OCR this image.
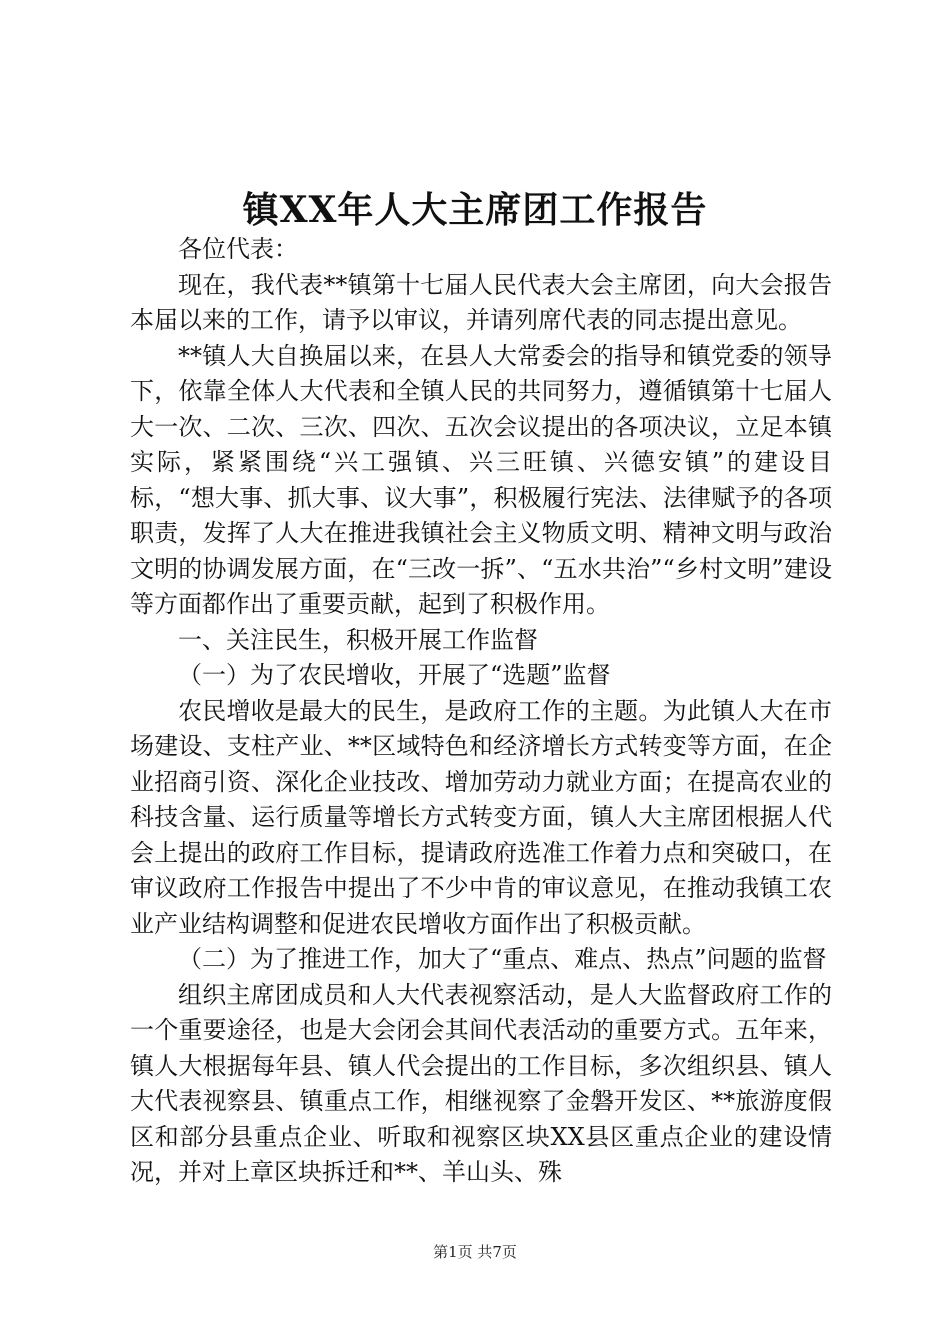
镇XX年人大主席团工作报告

各位代表：

现在，我代表**镇第十七届人民代表大会主席团，向大会报告本届以来的工作，请予以审议，并请列席代表的同志提出意见。

**镇人大自换届以来，在县人大常委会的指导和镇党委的领导下，依靠全体人大代表和全镇人民的共同努力，遵循镇第十七届人大一次、二次、三次、四次、五次会议提出的各项决议，立足本镇实际，紧紧围绕“兴工强镇、兴三旺镇、兴德安镇”的建设目标，“想大事、抓大事、议大事”，积极履行宪法、法律赋予的各项职责，发挥了人大在推进我镇社会主义物质文明、精神文明与政治文明的协调发展方面，在“三改一拆”、“五水共治”“乡村文明”建设等方面都作出了重要贡献，起到了积极作用。

一、关注民生，积极开展工作监督

（一）为了农民增收，开展了“选题”监督

农民增收是最大的民生，是政府工作的主题。为此镇人大在市场建设、支柱产业、**区域特色和经济增长方式转变等方面，在企业招商引资、深化企业技改、增加劳动力就业方面；在提高农业的科技含量、运行质量等增长方式转变方面，镇人大主席团根据人代会上提出的政府工作目标，提请政府选准工作着力点和突破口，在审议政府工作报告中提出了不少中肯的审议意见，在推动我镇工农业产业结构调整和促进农民增收方面作出了积极贡献。

（二）为了推进工作，加大了“重点、难点、热点”问题的监督

组织主席团成员和人大代表视察活动，是人大监督政府工作的一个重要途径，也是大会闭会其间代表活动的重要方式。五年来，镇人大根据每年县、镇人代会提出的工作目标，多次组织县、镇人大代表视察县、镇重点工作，相继视察了金磐开发区、**旅游度假区和部分县重点企业、听取和视察区块XX县区重点企业的建设情况，并对上章区块拆迁和**、羊山头、殊

第1页 共7页
